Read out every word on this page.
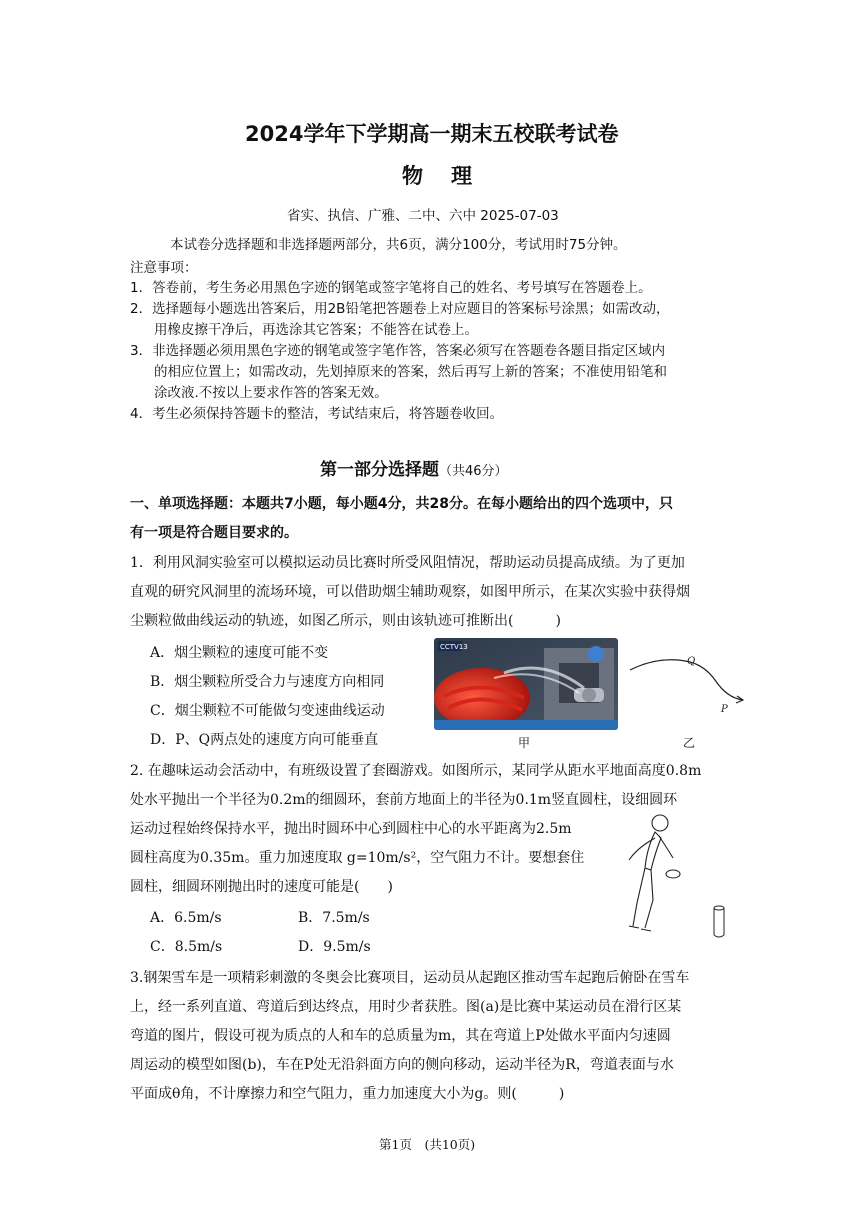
2024学年下学期高一期末五校联考试卷
物理
省实、执信、广雅、二中、六中 2025-07-03
本试卷分选择题和非选择题两部分，共6页，满分100分，考试用时75分钟。
注意事项：
1．答卷前，考生务必用黑色字迹的钢笔或签字笔将自己的姓名、考号填写在答题卷上。
2．选择题每小题选出答案后，用2B铅笔把答题卷上对应题目的答案标号涂黑；如需改动，
用橡皮擦干净后，再选涂其它答案；不能答在试卷上。
3．非选择题必须用黑色字迹的钢笔或签字笔作答，答案必须写在答题卷各题目指定区域内
的相应位置上；如需改动，先划掉原来的答案，然后再写上新的答案；不准使用铅笔和
涂改液.不按以上要求作答的答案无效。
4．考生必须保持答题卡的整洁，考试结束后，将答题卷收回。
第一部分选择题（共46分）
一、单项选择题：本题共7小题，每小题4分，共28分。在每小题给出的四个选项中，只
有一项是符合题目要求的。
1．利用风洞实验室可以模拟运动员比赛时所受风阻情况，帮助运动员提高成绩。为了更加
直观的研究风洞里的流场环境，可以借助烟尘辅助观察，如图甲所示，在某次实验中获得烟
尘颗粒做曲线运动的轨迹，如图乙所示，则由该轨迹可推断出(　　　)
A．烟尘颗粒的速度可能不变
B．烟尘颗粒所受合力与速度方向相同
C．烟尘颗粒不可能做匀变速曲线运动
D．P、Q两点处的速度方向可能垂直
CCTV13
甲
Q
P
乙
2. 在趣味运动会活动中，有班级设置了套圈游戏。如图所示，某同学从距水平地面高度0.8m
处水平抛出一个半径为0.2m的细圆环，套前方地面上的半径为0.1m竖直圆柱，设细圆环
运动过程始终保持水平，抛出时圆环中心到圆柱中心的水平距离为2.5m
圆柱高度为0.35m。重力加速度取 g=10m/s²，空气阻力不计。要想套住
圆柱，细圆环刚抛出时的速度可能是(　　)
A．6.5m/s	B．7.5m/s
C．8.5m/s	D．9.5m/s
3.钢架雪车是一项精彩刺激的冬奥会比赛项目，运动员从起跑区推动雪车起跑后俯卧在雪车
上，经一系列直道、弯道后到达终点，用时少者获胜。图(a)是比赛中某运动员在滑行区某
弯道的图片，假设可视为质点的人和车的总质量为m，其在弯道上P处做水平面内匀速圆
周运动的模型如图(b)，车在P处无沿斜面方向的侧向移动，运动半径为R，弯道表面与水
平面成θ角，不计摩擦力和空气阻力，重力加速度大小为g。则(　　　)
第1页　(共10页)
